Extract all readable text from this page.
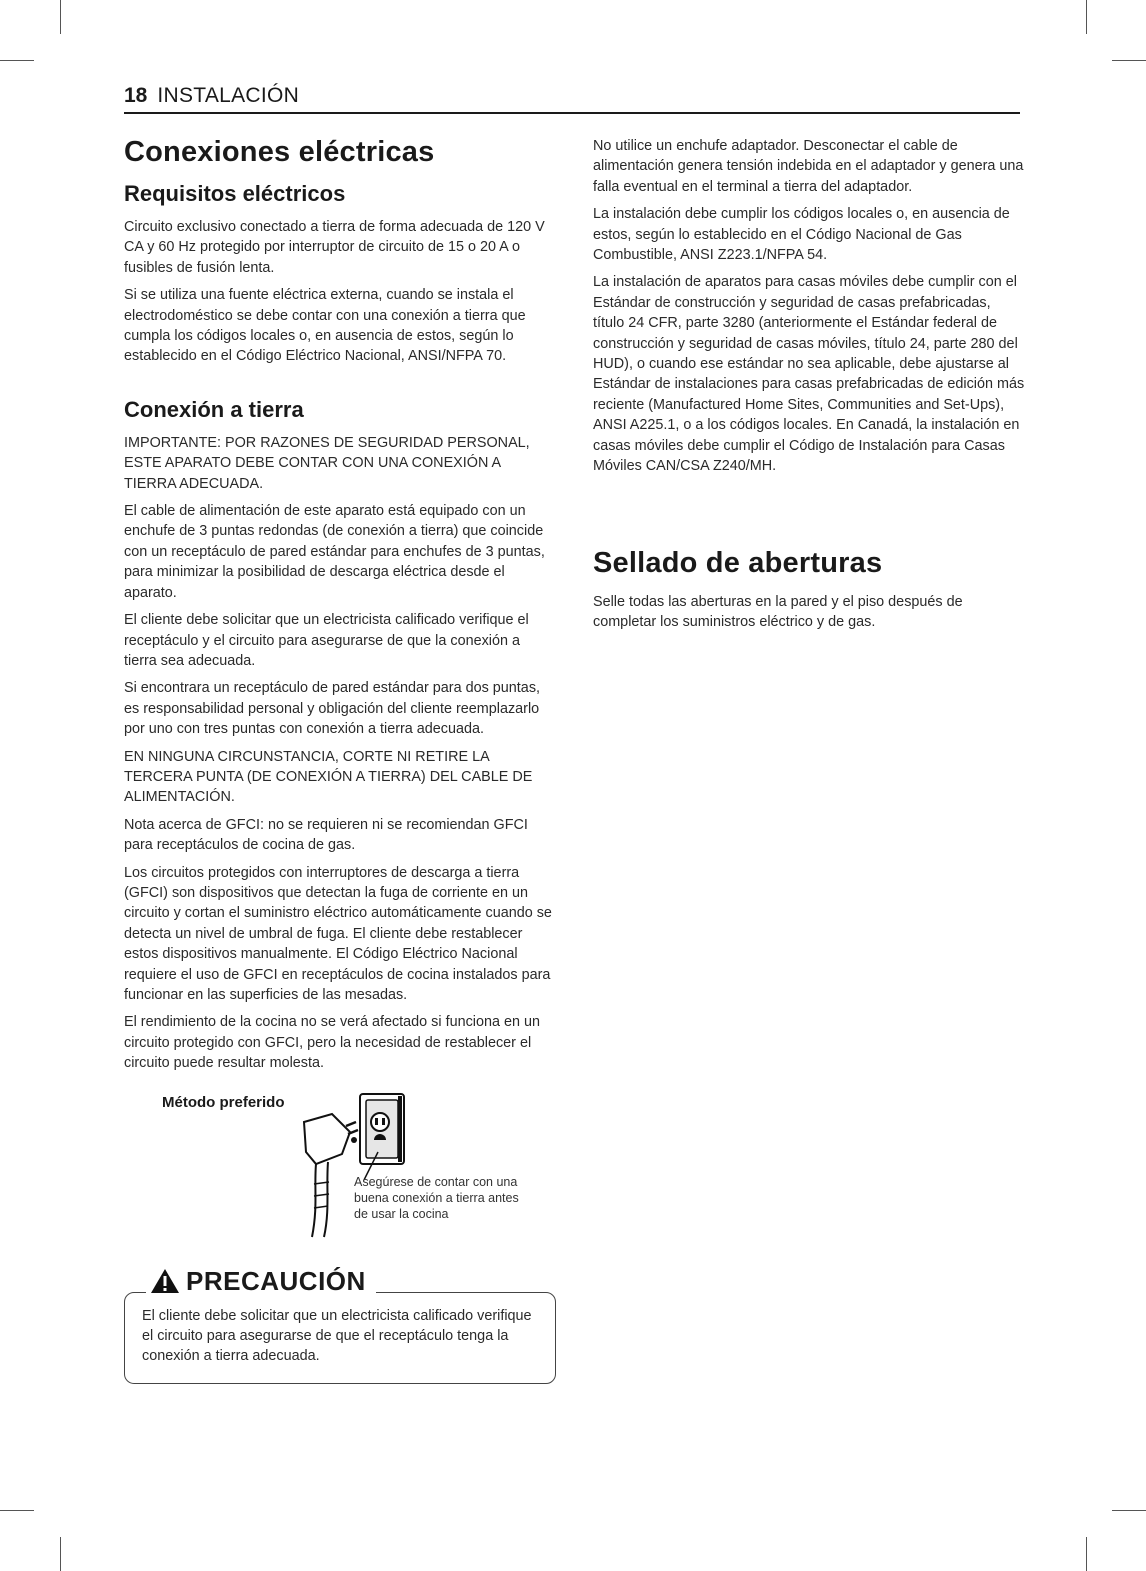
18 INSTALACIÓN
Conexiones eléctricas
Requisitos eléctricos

Circuito exclusivo conectado a tierra de forma adecuada de 120 V CA y 60 Hz protegido por interruptor de circuito de 15 o 20 A o fusibles de fusión lenta.

Si se utiliza una fuente eléctrica externa, cuando se instala el electrodoméstico se debe contar con una conexión a tierra que cumpla los códigos locales o, en ausencia de estos, según lo establecido en el Código Eléctrico Nacional, ANSI/NFPA 70.

Conexión a tierra

IMPORTANTE: POR RAZONES DE SEGURIDAD PERSONAL, ESTE APARATO DEBE CONTAR CON UNA CONEXIÓN A TIERRA ADECUADA.

El cable de alimentación de este aparato está equipado con un enchufe de 3 puntas redondas (de conexión a tierra) que coincide con un receptáculo de pared estándar para enchufes de 3 puntas, para minimizar la posibilidad de descarga eléctrica desde el aparato.

El cliente debe solicitar que un electricista calificado verifique el receptáculo y el circuito para asegurarse de que la conexión a tierra sea adecuada.

Si encontrara un receptáculo de pared estándar para dos puntas, es responsabilidad personal y obligación del cliente reemplazarlo por uno con tres puntas con conexión a tierra adecuada.

EN NINGUNA CIRCUNSTANCIA, CORTE NI RETIRE LA TERCERA PUNTA (DE CONEXIÓN A TIERRA) DEL CABLE DE ALIMENTACIÓN.

Nota acerca de GFCI: no se requieren ni se recomiendan GFCI para receptáculos de cocina de gas.

Los circuitos protegidos con interruptores de descarga a tierra (GFCI) son dispositivos que detectan la fuga de corriente en un circuito y cortan el suministro eléctrico automáticamente cuando se detecta un nivel de umbral de fuga. El cliente debe restablecer estos dispositivos manualmente. El Código Eléctrico Nacional requiere el uso de GFCI en receptáculos de cocina instalados para funcionar en las superficies de las mesadas.

El rendimiento de la cocina no se verá afectado si funciona en un circuito protegido con GFCI, pero la necesidad de restablecer el circuito puede resultar molesta.

Método preferido
Asegúrese de contar con una buena conexión a tierra antes de usar la cocina
PRECAUCIÓN
El cliente debe solicitar que un electricista calificado verifique el circuito para asegurarse de que el receptáculo tenga la conexión a tierra adecuada.

No utilice un enchufe adaptador. Desconectar el cable de alimentación genera tensión indebida en el adaptador y genera una falla eventual en el terminal a tierra del adaptador.

La instalación debe cumplir los códigos locales o, en ausencia de estos, según lo establecido en el Código Nacional de Gas Combustible, ANSI Z223.1/NFPA 54.

La instalación de aparatos para casas móviles debe cumplir con el Estándar de construcción y seguridad de casas prefabricadas, título 24 CFR, parte 3280 (anteriormente el Estándar federal de construcción y seguridad de casas móviles, título 24, parte 280 del HUD), o cuando ese estándar no sea aplicable, debe ajustarse al Estándar de instalaciones para casas prefabricadas de edición más reciente (Manufactured Home Sites, Communities and Set-Ups), ANSI A225.1, o a los códigos locales. En Canadá, la instalación en casas móviles debe cumplir el Código de Instalación para Casas Móviles CAN/CSA Z240/MH.

Sellado de aberturas

Selle todas las aberturas en la pared y el piso después de completar los suministros eléctrico y de gas.
